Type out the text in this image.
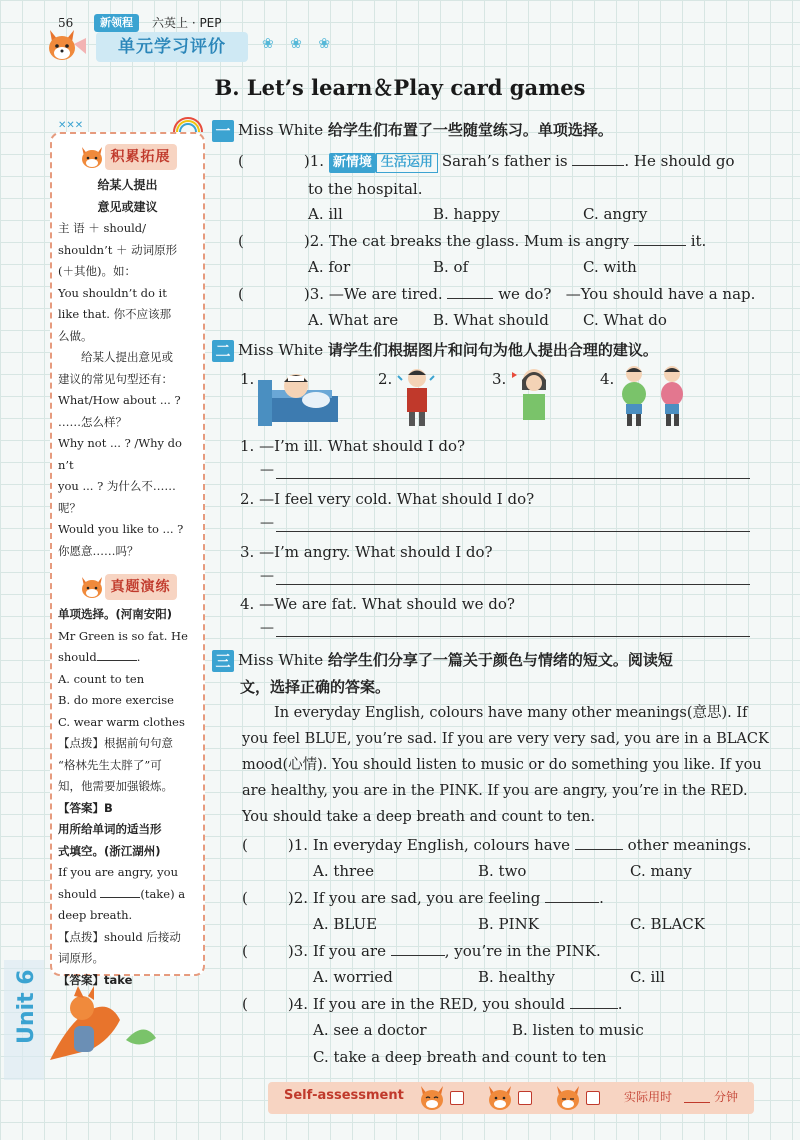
单元学习评价	❀ ❀ ❀
B. Let’s learn＆Play card games
✕✕✕
积累拓展
给某人提出
意见或建议
主 语 ＋ should/
shouldn’t ＋ 动词原形
(＋其他)。如：
You shouldn’t do it
like that. 你不应该那
么做。
给某人提出意见或
建议的常见句型还有：
What/How about ... ?
……怎么样？
Why not ... ? /Why don’t
you ... ? 为什么不……呢？
Would you like to ... ?
你愿意……吗？
真题演练
单项选择。(河南安阳)
Mr Green is so fat. He
should	.
A. count to ten
B. do more exercise
C. wear warm clothes
【点拨】根据前句句意
“格林先生太胖了”可
知，他需要加强锻炼。
【答案】B
用所给单词的适当形
式填空。(浙江湖州)
If you are angry, you
should	(take) a
deep breath.
【点拨】should 后接动
词原形。
【答案】take
一 Miss White 给学生们布置了一些随堂练习。单项选择。
(	)1. 新情境 生活运用 Sarah’s father is	. He should go
to the hospital.
A. ill	B. happy	C. angry
(	)2. The cat breaks the glass. Mum is angry	it.
A. for	B. of	C. with
(	)3. —We are tired.	we do? —You should have a nap.
A. What are B. What should C. What do
二 Miss White 请学生们根据图片和问句为他人提出合理的建议。
1.	2.	3.	4.
1. —I’m ill. What should I do?
—
2. —I feel very cold. What should I do?
—
3. —I’m angry. What should I do?
—
4. —We are fat. What should we do?
—
三 Miss White 给学生们分享了一篇关于颜色与情绪的短文。阅读短
文，选择正确的答案。
In everyday English, colours have many other meanings(意思). If
you feel BLUE, you’re sad. If you are very very sad, you are in a BLACK
mood(心情). You should listen to music or do something you like. If you
are healthy, you are in the PINK. If you are angry, you’re in the RED.
You should take a deep breath and count to ten.
(	)1. In everyday English, colours have	other meanings.
A. three	B. two	C. many
(	)2. If you are sad, you are feeling	.
A. BLUE	B. PINK	C. BLACK
(	)3. If you are	, you’re in the PINK.
A. worried	B. healthy	C. ill
(	)4. If you are in the RED, you should	.
A. see a doctor	B. listen to music
C. take a deep breath and count to ten
Unit 6
56	新领程	六英上 · PEP
Self-assessment	实际用时	分钟
